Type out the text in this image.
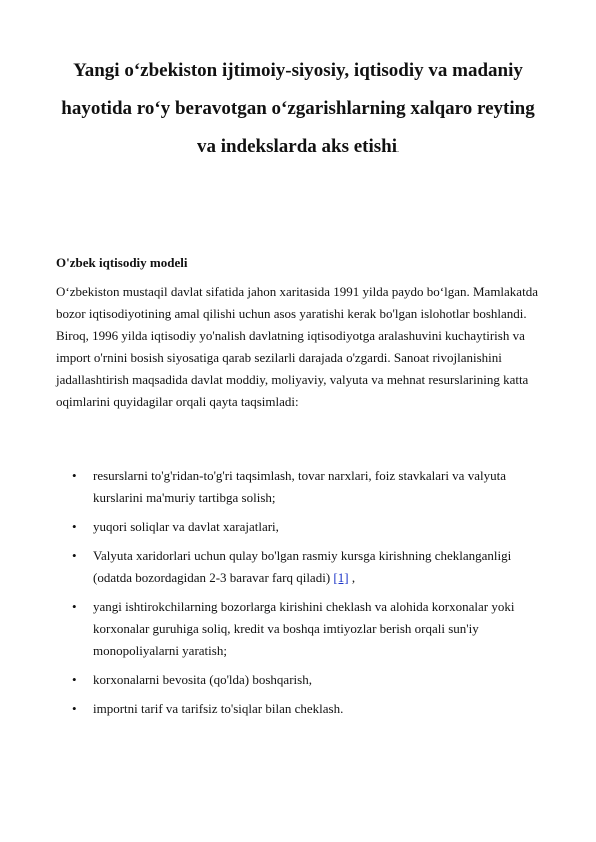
Yangi o‘zbekiston ijtimoiy-siyosiy, iqtisodiy va madaniy hayotida ro‘y beravotgan o‘zgarishlarning xalqaro reyting va indekslarda aks etishi.
O'zbek iqtisodiy modeli

O‘zbekiston mustaqil davlat sifatida jahon xaritasida 1991 yilda paydo bo‘lgan. Mamlakatda bozor iqtisodiyotining amal qilishi uchun asos yaratishi kerak bo'lgan islohotlar boshlandi. Biroq, 1996 yilda iqtisodiy yo'nalish davlatning iqtisodiyotga aralashuvini kuchaytirish va import o'rnini bosish siyosatiga qarab sezilarli darajada o'zgardi. Sanoat rivojlanishini jadallashtirish maqsadida davlat moddiy, moliyaviy, valyuta va mehnat resurslarining katta oqimlarini quyidagilar orqali qayta taqsimladi:

• resurslarni to'g'ridan-to'g'ri taqsimlash, tovar narxlari, foiz stavkalari va valyuta kurslarini ma'muriy tartibga solish;
• yuqori soliqlar va davlat xarajatlari,
• Valyuta xaridorlari uchun qulay bo'lgan rasmiy kursga kirishning cheklanganligi (odatda bozordagidan 2-3 baravar farq qiladi) [1] ,
• yangi ishtirokchilarning bozorlarga kirishini cheklash va alohida korxonalar yoki korxonalar guruhiga soliq, kredit va boshqa imtiyozlar berish orqali sun'iy monopoliyalarni yaratish;
• korxonalarni bevosita (qo'lda) boshqarish,
• importni tarif va tarifsiz to'siqlar bilan cheklash.
